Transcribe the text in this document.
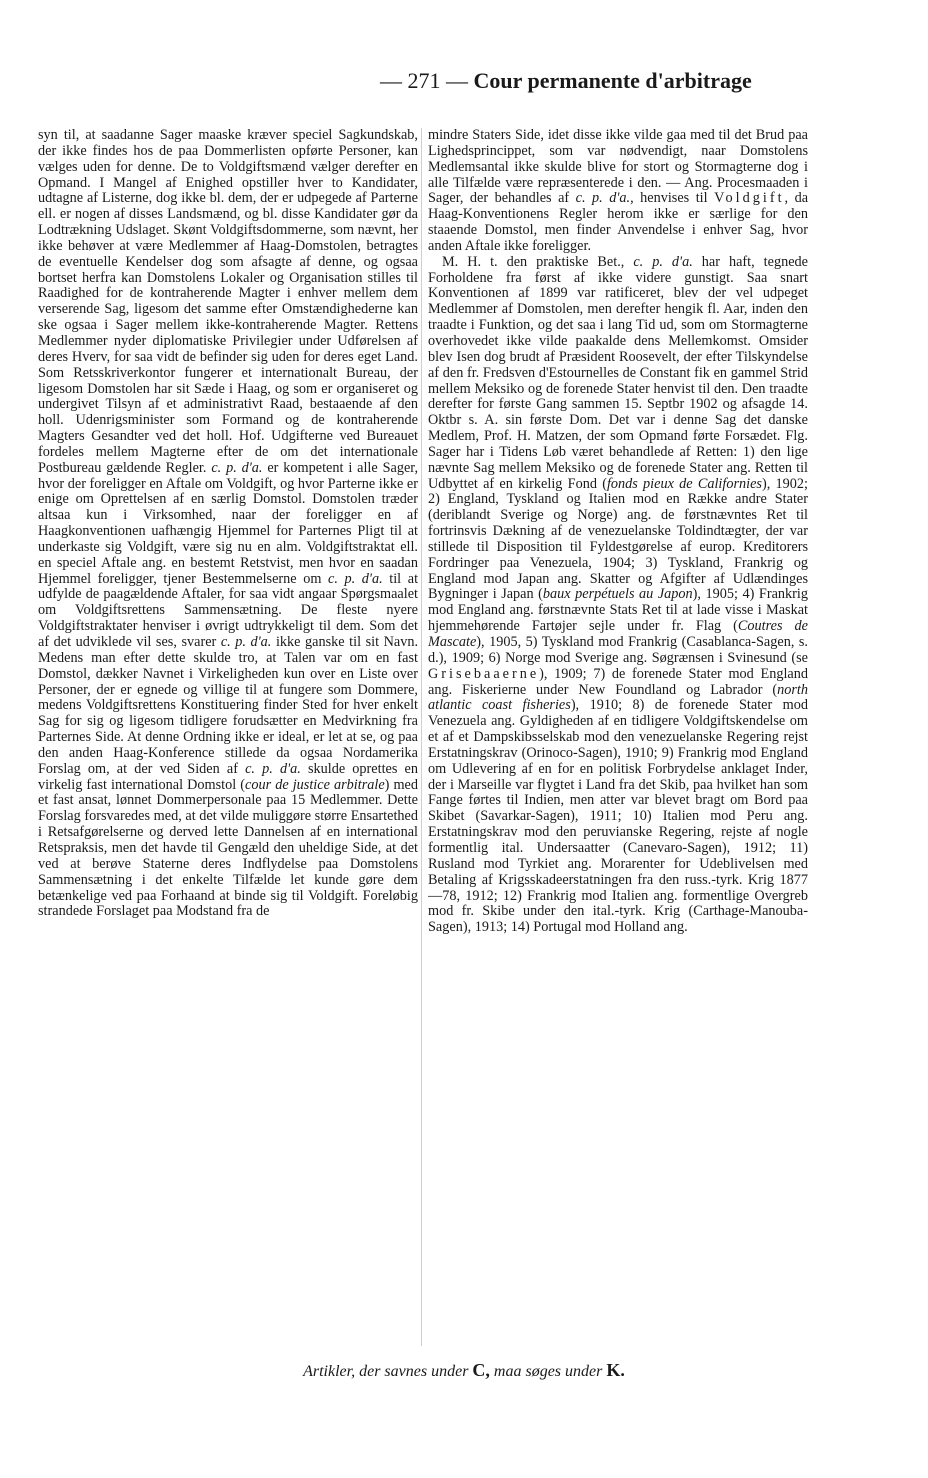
— 271 — Cour permanente d'arbitrage

syn til, at saadanne Sager maaske kræver speciel Sagkundskab, der ikke findes hos de paa Dommerlisten opførte Personer, kan vælges uden for denne. De to Voldgiftsmænd vælger derefter en Opmand. I Mangel af Enighed opstiller hver to Kandidater, udtagne af Listerne, dog ikke bl. dem, der er udpegede af Parterne ell. er nogen af disses Landsmænd, og bl. disse Kandidater gør da Lodtrækning Udslaget. Skønt Voldgiftsdommerne, som nævnt, her ikke behøver at være Medlemmer af Haag-Domstolen, betragtes de eventuelle Kendelser dog som afsagte af denne, og ogsaa bortset herfra kan Domstolens Lokaler og Organisation stilles til Raadighed for de kontraherende Magter i enhver mellem dem verserende Sag, ligesom det samme efter Omstændighederne kan ske ogsaa i Sager mellem ikke-kontraherende Magter. Rettens Medlemmer nyder diplomatiske Privilegier under Udførelsen af deres Hverv, for saa vidt de befinder sig uden for deres eget Land. Som Retsskriverkontor fungerer et internationalt Bureau, der ligesom Domstolen har sit Sæde i Haag, og som er organiseret og undergivet Tilsyn af et administrativt Raad, bestaaende af den holl. Udenrigsminister som Formand og de kontraherende Magters Gesandter ved det holl. Hof. Udgifterne ved Bureauet fordeles mellem Magterne efter de om det internationale Postbureau gældende Regler. c. p. d'a. er kompetent i alle Sager, hvor der foreligger en Aftale om Voldgift, og hvor Parterne ikke er enige om Oprettelsen af en særlig Domstol. Domstolen træder altsaa kun i Virksomhed, naar der foreligger en af Haagkonventionen uafhængig Hjemmel for Parternes Pligt til at underkaste sig Voldgift, være sig nu en alm. Voldgiftstraktat ell. en speciel Aftale ang. en bestemt Retstvist, men hvor en saadan Hjemmel foreligger, tjener Bestemmelserne om c. p. d'a. til at udfylde de paagældende Aftaler, for saa vidt angaar Spørgsmaalet om Voldgiftsrettens Sammensætning. De fleste nyere Voldgiftstraktater henviser i øvrigt udtrykkeligt til dem. Som det af det udviklede vil ses, svarer c. p. d'a. ikke ganske til sit Navn. Medens man efter dette skulde tro, at Talen var om en fast Domstol, dækker Navnet i Virkeligheden kun over en Liste over Personer, der er egnede og villige til at fungere som Dommere, medens Voldgiftsrettens Konstituering finder Sted for hver enkelt Sag for sig og ligesom tidligere forudsætter en Medvirkning fra Parternes Side. At denne Ordning ikke er ideal, er let at se, og paa den anden Haag-Konference stillede da ogsaa Nordamerika Forslag om, at der ved Siden af c. p. d'a. skulde oprettes en virkelig fast international Domstol (cour de justice arbitrale) med et fast ansat, lønnet Dommerpersonale paa 15 Medlemmer. Dette Forslag forsvaredes med, at det vilde muliggøre større Ensartethed i Retsafgørelserne og derved lette Dannelsen af en international Retspraksis, men det havde til Gengæld den uheldige Side, at det ved at berøve Staterne deres Indflydelse paa Domstolens Sammensætning i det enkelte Tilfælde let kunde gøre dem betænkelige ved paa Forhaand at binde sig til Voldgift. Foreløbig strandede Forslaget paa Modstand fra de

mindre Staters Side, idet disse ikke vilde gaa med til det Brud paa Lighedsprincippet, som var nødvendigt, naar Domstolens Medlemsantal ikke skulde blive for stort og Stormagterne dog i alle Tilfælde være repræsenterede i den. — Ang. Procesmaaden i Sager, der behandles af c. p. d'a., henvises til Voldgift, da Haag-Konventionens Regler herom ikke er særlige for den staaende Domstol, men finder Anvendelse i enhver Sag, hvor anden Aftale ikke foreligger.

M. H. t. den praktiske Bet., c. p. d'a. har haft, tegnede Forholdene fra først af ikke videre gunstigt. Saa snart Konventionen af 1899 var ratificeret, blev der vel udpeget Medlemmer af Domstolen, men derefter hengik fl. Aar, inden den traadte i Funktion, og det saa i lang Tid ud, som om Stormagterne overhovedet ikke vilde paakalde dens Mellemkomst. Omsider blev Isen dog brudt af Præsident Roosevelt, der efter Tilskyndelse af den fr. Fredsven d'Estournelles de Constant fik en gammel Strid mellem Meksiko og de forenede Stater henvist til den. Den traadte derefter for første Gang sammen 15. Septbr 1902 og afsagde 14. Oktbr s. A. sin første Dom. Det var i denne Sag det danske Medlem, Prof. H. Matzen, der som Opmand førte Forsædet. Flg. Sager har i Tidens Løb været behandlede af Retten: 1) den lige nævnte Sag mellem Meksiko og de forenede Stater ang. Retten til Udbyttet af en kirkelig Fond (fonds pieux de Californies), 1902; 2) England, Tyskland og Italien mod en Række andre Stater (deriblandt Sverige og Norge) ang. de førstnævntes Ret til fortrinsvis Dækning af de venezuelanske Toldindtægter, der var stillede til Disposition til Fyldestgørelse af europ. Kreditorers Fordringer paa Venezuela, 1904; 3) Tyskland, Frankrig og England mod Japan ang. Skatter og Afgifter af Udlændinges Bygninger i Japan (baux perpétuels au Japon), 1905; 4) Frankrig mod England ang. førstnævnte Stats Ret til at lade visse i Maskat hjemmehørende Fartøjer sejle under fr. Flag (Coutres de Mascate), 1905, 5) Tyskland mod Frankrig (Casablanca-Sagen, s. d.), 1909; 6) Norge mod Sverige ang. Søgrænsen i Svinesund (se Grisebaaerne), 1909; 7) de forenede Stater mod England ang. Fiskerierne under New Foundland og Labrador (north atlantic coast fisheries), 1910; 8) de forenede Stater mod Venezuela ang. Gyldigheden af en tidligere Voldgiftskendelse om et af et Dampskibsselskab mod den venezuelanske Regering rejst Erstatningskrav (Orinoco-Sagen), 1910; 9) Frankrig mod England om Udlevering af en for en politisk Forbrydelse anklaget Inder, der i Marseille var flygtet i Land fra det Skib, paa hvilket han som Fange førtes til Indien, men atter var blevet bragt om Bord paa Skibet (Savarkar-Sagen), 1911; 10) Italien mod Peru ang. Erstatningskrav mod den peruvianske Regering, rejste af nogle formentlig ital. Undersaatter (Canevaro-Sagen), 1912; 11) Rusland mod Tyrkiet ang. Morarenter for Udeblivelsen med Betaling af Krigsskadeerstatningen fra den russ.-tyrk. Krig 1877—78, 1912; 12) Frankrig mod Italien ang. formentlige Overgreb mod fr. Skibe under den ital.-tyrk. Krig (Carthage-Manouba-Sagen), 1913; 14) Portugal mod Holland ang.

Artikler, der savnes under C, maa søges under K.
